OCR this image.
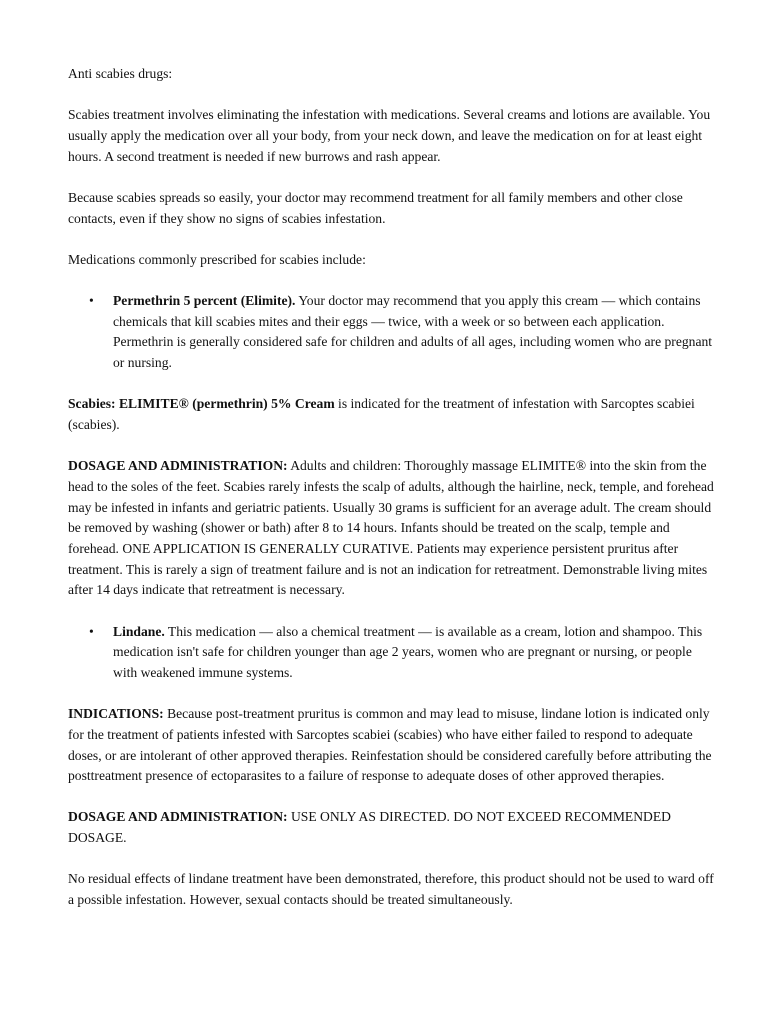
Anti scabies drugs:

Scabies treatment involves eliminating the infestation with medications. Several creams and lotions are available. You usually apply the medication over all your body, from your neck down, and leave the medication on for at least eight hours. A second treatment is needed if new burrows and rash appear.

Because scabies spreads so easily, your doctor may recommend treatment for all family members and other close contacts, even if they show no signs of scabies infestation.

Medications commonly prescribed for scabies include:

• Permethrin 5 percent (Elimite). Your doctor may recommend that you apply this cream — which contains chemicals that kill scabies mites and their eggs — twice, with a week or so between each application. Permethrin is generally considered safe for children and adults of all ages, including women who are pregnant or nursing.

Scabies: ELIMITE® (permethrin) 5% Cream is indicated for the treatment of infestation with Sarcoptes scabiei (scabies).

DOSAGE AND ADMINISTRATION: Adults and children: Thoroughly massage ELIMITE® into the skin from the head to the soles of the feet. Scabies rarely infests the scalp of adults, although the hairline, neck, temple, and forehead may be infested in infants and geriatric patients. Usually 30 grams is sufficient for an average adult. The cream should be removed by washing (shower or bath) after 8 to 14 hours. Infants should be treated on the scalp, temple and forehead. ONE APPLICATION IS GENERALLY CURATIVE. Patients may experience persistent pruritus after treatment. This is rarely a sign of treatment failure and is not an indication for retreatment. Demonstrable living mites after 14 days indicate that retreatment is necessary.

• Lindane. This medication — also a chemical treatment — is available as a cream, lotion and shampoo. This medication isn't safe for children younger than age 2 years, women who are pregnant or nursing, or people with weakened immune systems.

INDICATIONS: Because post-treatment pruritus is common and may lead to misuse, lindane lotion is indicated only for the treatment of patients infested with Sarcoptes scabiei (scabies) who have either failed to respond to adequate doses, or are intolerant of other approved therapies. Reinfestation should be considered carefully before attributing the posttreatment presence of ectoparasites to a failure of response to adequate doses of other approved therapies.

DOSAGE AND ADMINISTRATION: USE ONLY AS DIRECTED. DO NOT EXCEED RECOMMENDED DOSAGE.

No residual effects of lindane treatment have been demonstrated, therefore, this product should not be used to ward off a possible infestation. However, sexual contacts should be treated simultaneously.
